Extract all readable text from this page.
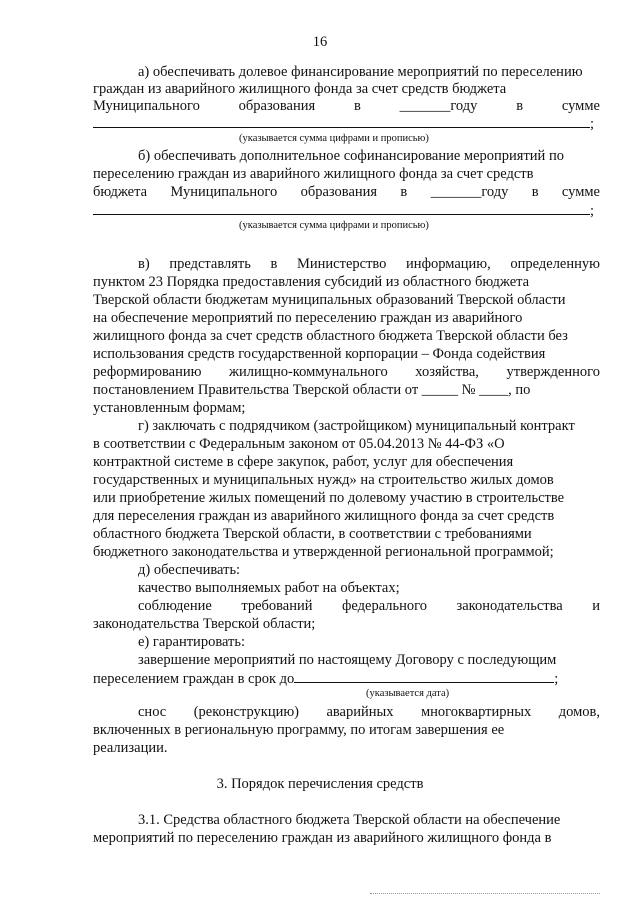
16
а) обеспечивать долевое финансирование мероприятий по переселению
граждан из аварийного жилищного фонда за счет средств бюджета
Муниципального	образования	в	_______году	в	сумме
;
(указывается сумма цифрами и прописью)
б) обеспечивать дополнительное софинансирование мероприятий по
переселению граждан из аварийного жилищного фонда за счет средств
бюджета Муниципального образования в _______году в сумме
;
(указывается сумма цифрами и прописью)
в) представлять в Министерство информацию, определенную
пунктом 23 Порядка предоставления субсидий из областного бюджета
Тверской области бюджетам муниципальных образований Тверской области
на обеспечение мероприятий по переселению граждан из аварийного
жилищного фонда за счет средств областного бюджета Тверской области без
использования средств государственной корпорации – Фонда содействия
реформированию жилищно-коммунального хозяйства, утвержденного
постановлением Правительства Тверской области от _____ № ____, по
установленным формам;
г) заключать с подрядчиком (застройщиком) муниципальный контракт
в соответствии с Федеральным законом от 05.04.2013 № 44-ФЗ «О
контрактной системе в сфере закупок, работ, услуг для обеспечения
государственных и муниципальных нужд» на строительство жилых домов
или приобретение жилых помещений по долевому участию в строительстве
для переселения граждан из аварийного жилищного фонда за счет средств
областного бюджета Тверской области, в соответствии с требованиями
бюджетного законодательства и утвержденной региональной программой;
д) обеспечивать:
качество выполняемых работ на объектах;
соблюдение требований федерального законодательства и
законодательства Тверской области;
е) гарантировать:
завершение мероприятий по настоящему Договору с последующим
переселением граждан в срок до	;
(указывается дата)
снос (реконструкцию) аварийных многоквартирных домов,
включенных в региональную программу, по итогам завершения ее
реализации.
3. Порядок перечисления средств
3.1. Средства областного бюджета Тверской области на обеспечение
мероприятий по переселению граждан из аварийного жилищного фонда в
